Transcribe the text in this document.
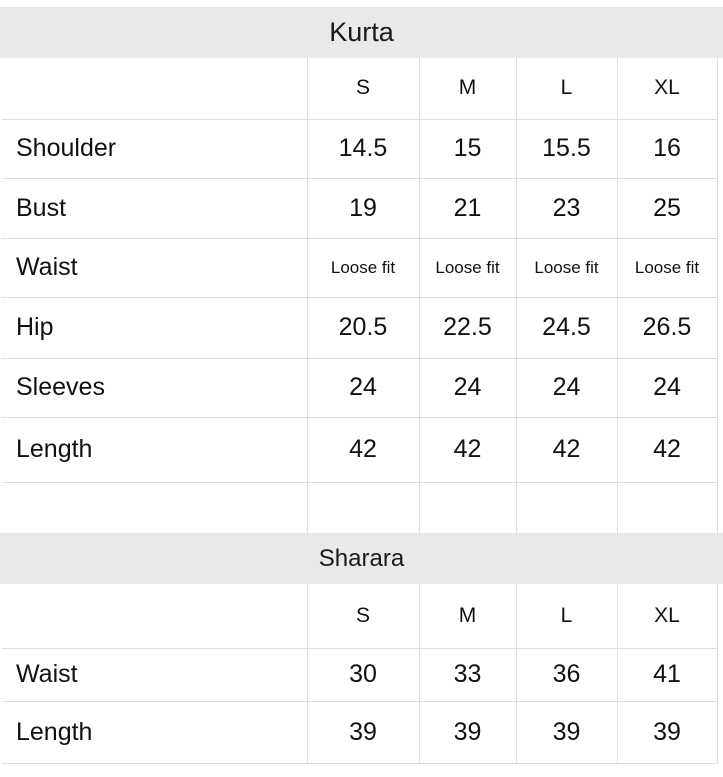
Kurta
	S	M	L	XL
Shoulder	14.5	15	15.5	16
Bust	19	21	23	25
Waist	Loose fit	Loose fit	Loose fit	Loose fit
Hip	20.5	22.5	24.5	26.5
Sleeves	24	24	24	24
Length	42	42	42	42

Sharara
	S	M	L	XL
Waist	30	33	36	41
Length	39	39	39	39
